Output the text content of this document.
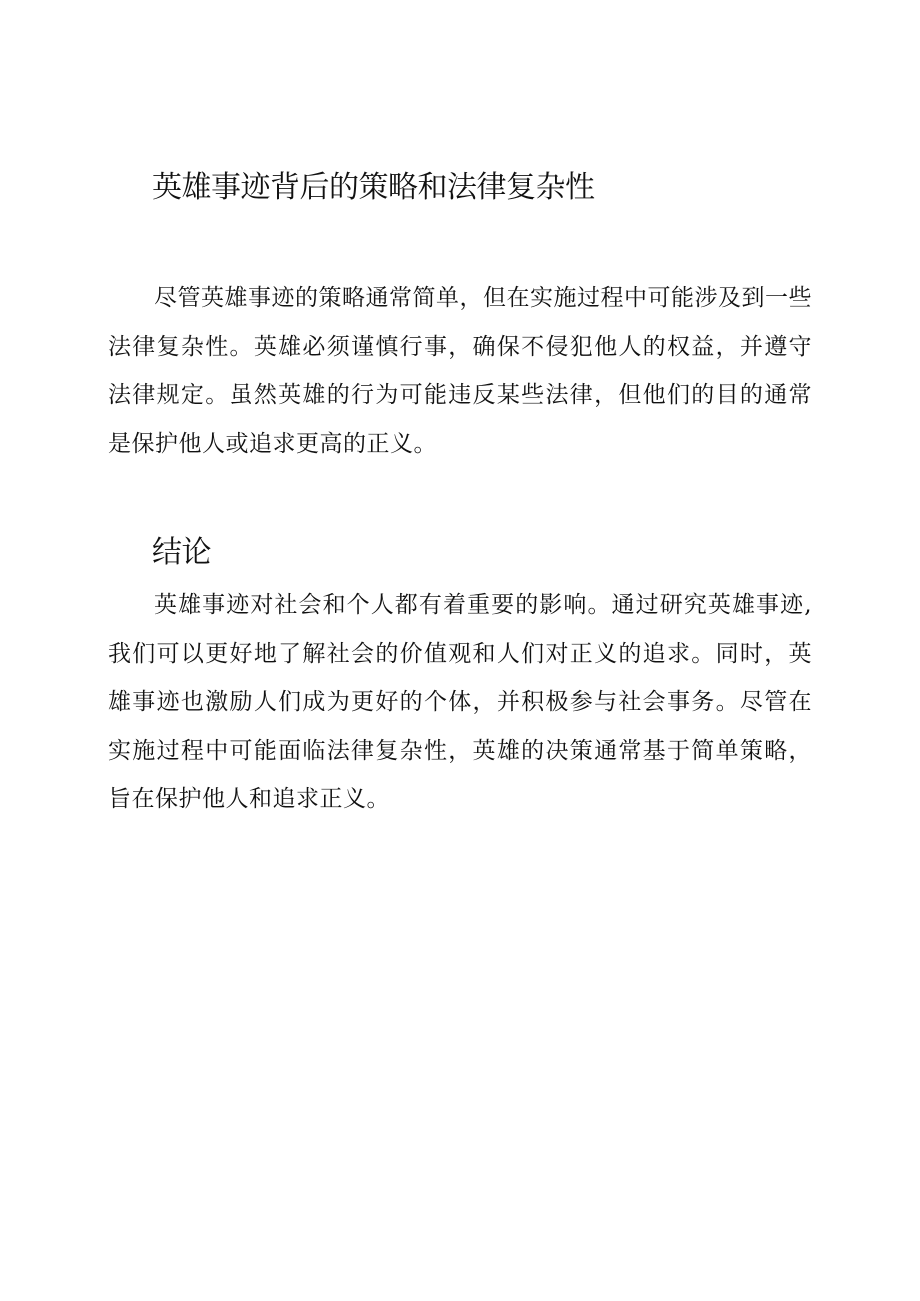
英雄事迹背后的策略和法律复杂性

尽管英雄事迹的策略通常简单，但在实施过程中可能涉及到一些法律复杂性。英雄必须谨慎行事，确保不侵犯他人的权益，并遵守法律规定。虽然英雄的行为可能违反某些法律，但他们的目的通常是保护他人或追求更高的正义。

结论

英雄事迹对社会和个人都有着重要的影响。通过研究英雄事迹,我们可以更好地了解社会的价值观和人们对正义的追求。同时，英雄事迹也激励人们成为更好的个体，并积极参与社会事务。尽管在实施过程中可能面临法律复杂性，英雄的决策通常基于简单策略，旨在保护他人和追求正义。
